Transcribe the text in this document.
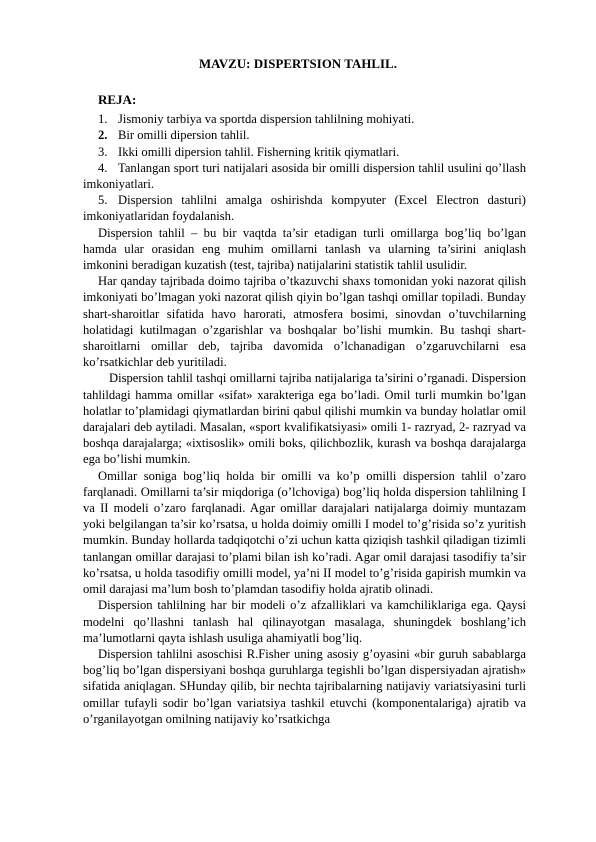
MAVZU: DISPERTSION TAHLIL.
REJA:
1. Jismoniy tarbiya va sportda dispersion tahlilning mohiyati.
2. Bir omilli dipersion tahlil.
3. Ikki omilli dipersion tahlil. Fisherning kritik qiymatlari.
4. Tanlangan sport turi natijalari asosida bir omilli dispersion tahlil usulini qo’llash imkoniyatlari.
5. Dispersion tahlilni amalga oshirishda kompyuter (Excel Electron dasturi) imkoniyatlaridan foydalanish.
Dispersion tahlil – bu bir vaqtda ta’sir etadigan turli omillarga bog’liq bo’lgan hamda ular orasidan eng muhim omillarni tanlash va ularning ta’sirini aniqlash imkonini beradigan kuzatish (test, tajriba) natijalarini statistik tahlil usulidir.
Har qanday tajribada doimo tajriba o’tkazuvchi shaxs tomonidan yoki nazorat qilish imkoniyati bo’lmagan yoki nazorat qilish qiyin bo’lgan tashqi omillar topiladi. Bunday shart-sharoitlar sifatida havo harorati, atmosfera bosimi, sinovdan o’tuvchilarning holatidagi kutilmagan o’zgarishlar va boshqalar bo’lishi mumkin. Bu tashqi shart-sharoitlarni omillar deb, tajriba davomida o’lchanadigan o’zgaruvchilarni esa ko’rsatkichlar deb yuritiladi.
Dispersion tahlil tashqi omillarni tajriba natijalariga ta’sirini o’rganadi. Dispersion tahlildagi hamma omillar «sifat» xarakteriga ega bo’ladi. Omil turli mumkin bo’lgan holatlar to’plamidagi qiymatlardan birini qabul qilishi mumkin va bunday holatlar omil darajalari deb aytiladi. Masalan, «sport kvalifikatsiyasi» omili 1- razryad, 2- razryad va boshqa darajalarga; «ixtisoslik» omili boks, qilichbozlik, kurash va boshqa darajalarga ega bo’lishi mumkin.
Omillar soniga bog’liq holda bir omilli va ko’p omilli dispersion tahlil o’zaro farqlanadi. Omillarni ta’sir miqdoriga (o’lchoviga) bog’liq holda dispersion tahlilning I va II modeli o’zaro farqlanadi. Agar omillar darajalari natijalarga doimiy muntazam yoki belgilangan ta’sir ko’rsatsa, u holda doimiy omilli I model to’g’risida so’z yuritish mumkin. Bunday hollarda tadqiqotchi o’zi uchun katta qiziqish tashkil qiladigan tizimli tanlangan omillar darajasi to’plami bilan ish ko’radi. Agar omil darajasi tasodifiy ta’sir ko’rsatsa, u holda tasodifiy omilli model, ya’ni II model to’g’risida gapirish mumkin va omil darajasi ma’lum bosh to’plamdan tasodifiy holda ajratib olinadi.
Dispersion tahlilning har bir modeli o’z afzalliklari va kamchiliklariga ega. Qaysi modelni qo’llashni tanlash hal qilinayotgan masalaga, shuningdek boshlang’ich ma’lumotlarni qayta ishlash usuliga ahamiyatli bog’liq.
Dispersion tahlilni asoschisi R.Fisher uning asosiy g’oyasini «bir guruh sabablarga bog’liq bo’lgan dispersiyani boshqa guruhlarga tegishli bo’lgan dispersiyadan ajratish» sifatida aniqlagan. SHunday qilib, bir nechta tajribalarning natijaviy variatsiyasini turli omillar tufayli sodir bo’lgan variatsiya tashkil etuvchi (komponentalariga) ajratib va o’rganilayotgan omilning natijaviy ko’rsatkichga
